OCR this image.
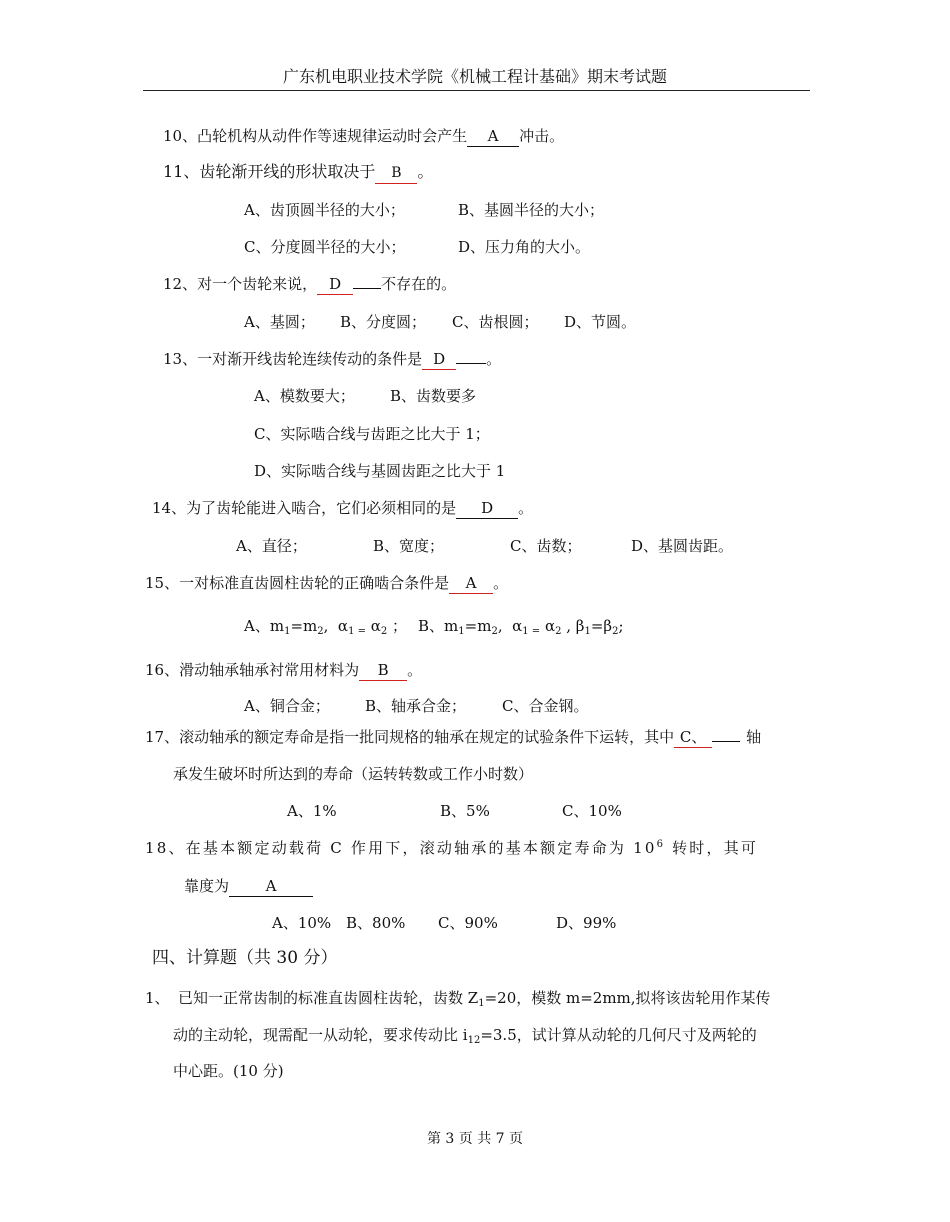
广东机电职业技术学院《机械工程计基础》期末考试题
10、凸轮机构从动件作等速规律运动时会产生 A 冲击。
11、齿轮渐开线的形状取决于 B 。
A、齿顶圆半径的大小；	B、基圆半径的大小；
C、分度圆半径的大小；	D、压力角的大小。
12、对一个齿轮来说， D	不存在的。
A、基圆； B、分度圆； C、齿根圆； D、节圆。
13、一对渐开线齿轮连续传动的条件是 D	。
A、模数要大； B、齿数要多
C、实际啮合线与齿距之比大于 1；
D、实际啮合线与基圆齿距之比大于 1
14、为了齿轮能进入啮合，它们必须相同的是 D 。
A、直径；	B、宽度；	C、齿数；	D、基圆齿距。
15、一对标准直齿圆柱齿轮的正确啮合条件是 A 。
A、$m_1=m_2$,  $\alpha_{1 =}$ $\alpha_2$ ； B、$m_1=m_2$,  $\alpha_{1 =}$ $\alpha_2$ , $\beta_1=\beta_2$;
16、滑动轴承轴承衬常用材料为 B 。
A、铜合金； B、轴承合金； C、合金钢。
17、滚动轴承的额定寿命是指一批同规格的轴承在规定的试验条件下运转，其中 C、	轴
承发生破坏时所达到的寿命（运转转数或工作小时数）
A、1%	B、5%	C、10%
18、在基本额定动载荷 C 作用下，滚动轴承的基本额定寿命为 $10^6$ 转时，其可
靠度为 A
A、10% B、80% C、90%	D、99%
四、计算题（共 30 分）
1、 已知一正常齿制的标准直齿圆柱齿轮，齿数 $Z_1=20$，模数 m=2mm,拟将该齿轮用作某传
动的主动轮，现需配一从动轮，要求传动比 $i_{12}=3.5$，试计算从动轮的几何尺寸及两轮的
中心距。(10 分)
第 3 页 共 7 页
